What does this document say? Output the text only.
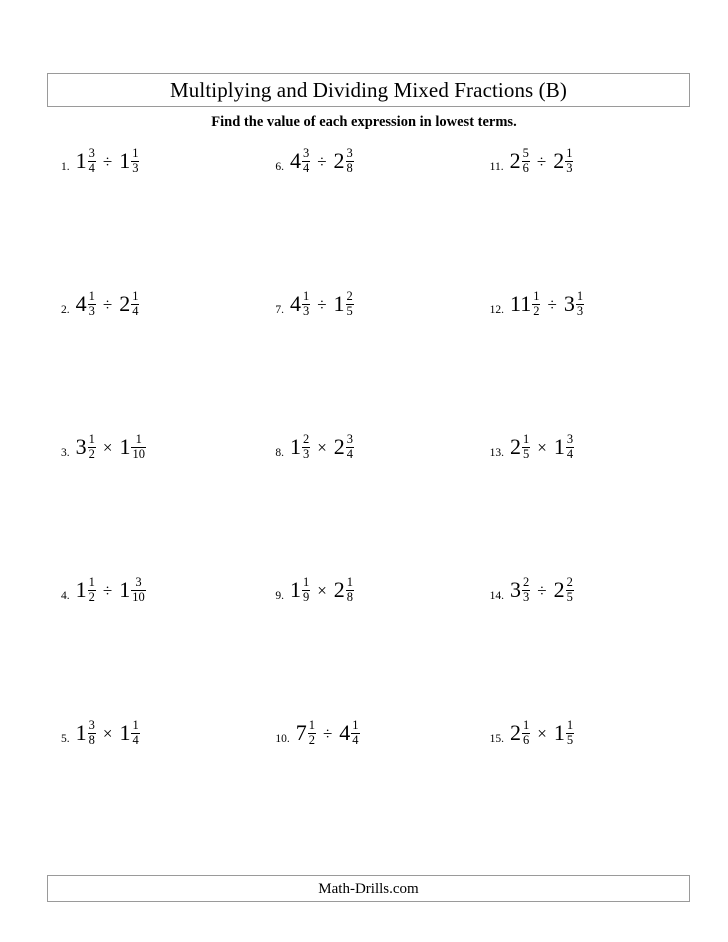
Multiplying and Dividing Mixed Fractions (B)
Find the value of each expression in lowest terms.
1. $1 \frac{3}{4} \div 1 \frac{1}{3}$	6. $4 \frac{3}{4} \div 2 \frac{3}{8}$	11. $2 \frac{5}{6} \div 2 \frac{1}{3}$
2. $4 \frac{1}{3} \div 2 \frac{1}{4}$	7. $4 \frac{1}{3} \div 1 \frac{2}{5}$	12. $11 \frac{1}{2} \div 3 \frac{1}{3}$
3. $3 \frac{1}{2} \times 1 \frac{1}{10}$	8. $1 \frac{2}{3} \times 2 \frac{3}{4}$	13. $2 \frac{1}{5} \times 1 \frac{3}{4}$
4. $1 \frac{1}{2} \div 1 \frac{3}{10}$	9. $1 \frac{1}{9} \times 2 \frac{1}{8}$	14. $3 \frac{2}{3} \div 2 \frac{2}{5}$
5. $1 \frac{3}{8} \times 1 \frac{1}{4}$	10. $7 \frac{1}{2} \div 4 \frac{1}{4}$	15. $2 \frac{1}{6} \times 1 \frac{1}{5}$
Math-Drills.com
